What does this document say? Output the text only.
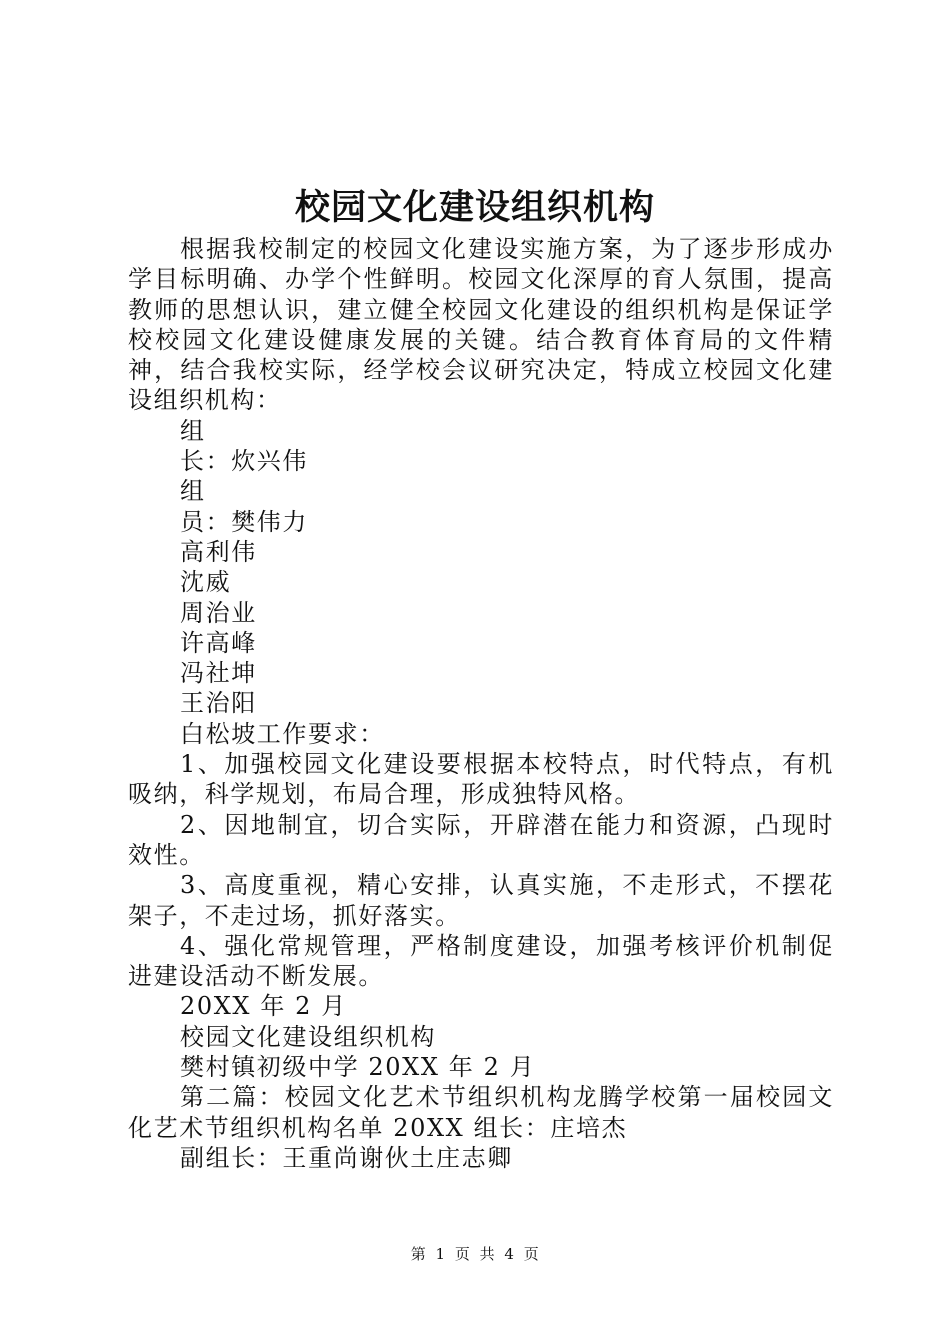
校园文化建设组织机构

根据我校制定的校园文化建设实施方案，为了逐步形成办学目标明确、办学个性鲜明。校园文化深厚的育人氛围，提高教师的思想认识，建立健全校园文化建设的组织机构是保证学校校园文化建设健康发展的关键。结合教育体育局的文件精神，结合我校实际，经学校会议研究决定，特成立校园文化建设组织机构：

组

长：炊兴伟

组

员：樊伟力

高利伟

沈威

周治业

许高峰

冯社坤

王治阳

白松坡工作要求：

1、加强校园文化建设要根据本校特点，时代特点，有机吸纳，科学规划，布局合理，形成独特风格。

2、因地制宜，切合实际，开辟潜在能力和资源，凸现时效性。

3、高度重视，精心安排，认真实施，不走形式，不摆花架子，不走过场，抓好落实。

4、强化常规管理，严格制度建设，加强考核评价机制促进建设活动不断发展。

20XX 年 2 月

校园文化建设组织机构

樊村镇初级中学 20XX 年 2 月

第二篇：校园文化艺术节组织机构龙腾学校第一届校园文化艺术节组织机构名单 20XX 组长：庄培杰

副组长：王重尚谢伙土庄志卿

第 1 页 共 4 页
